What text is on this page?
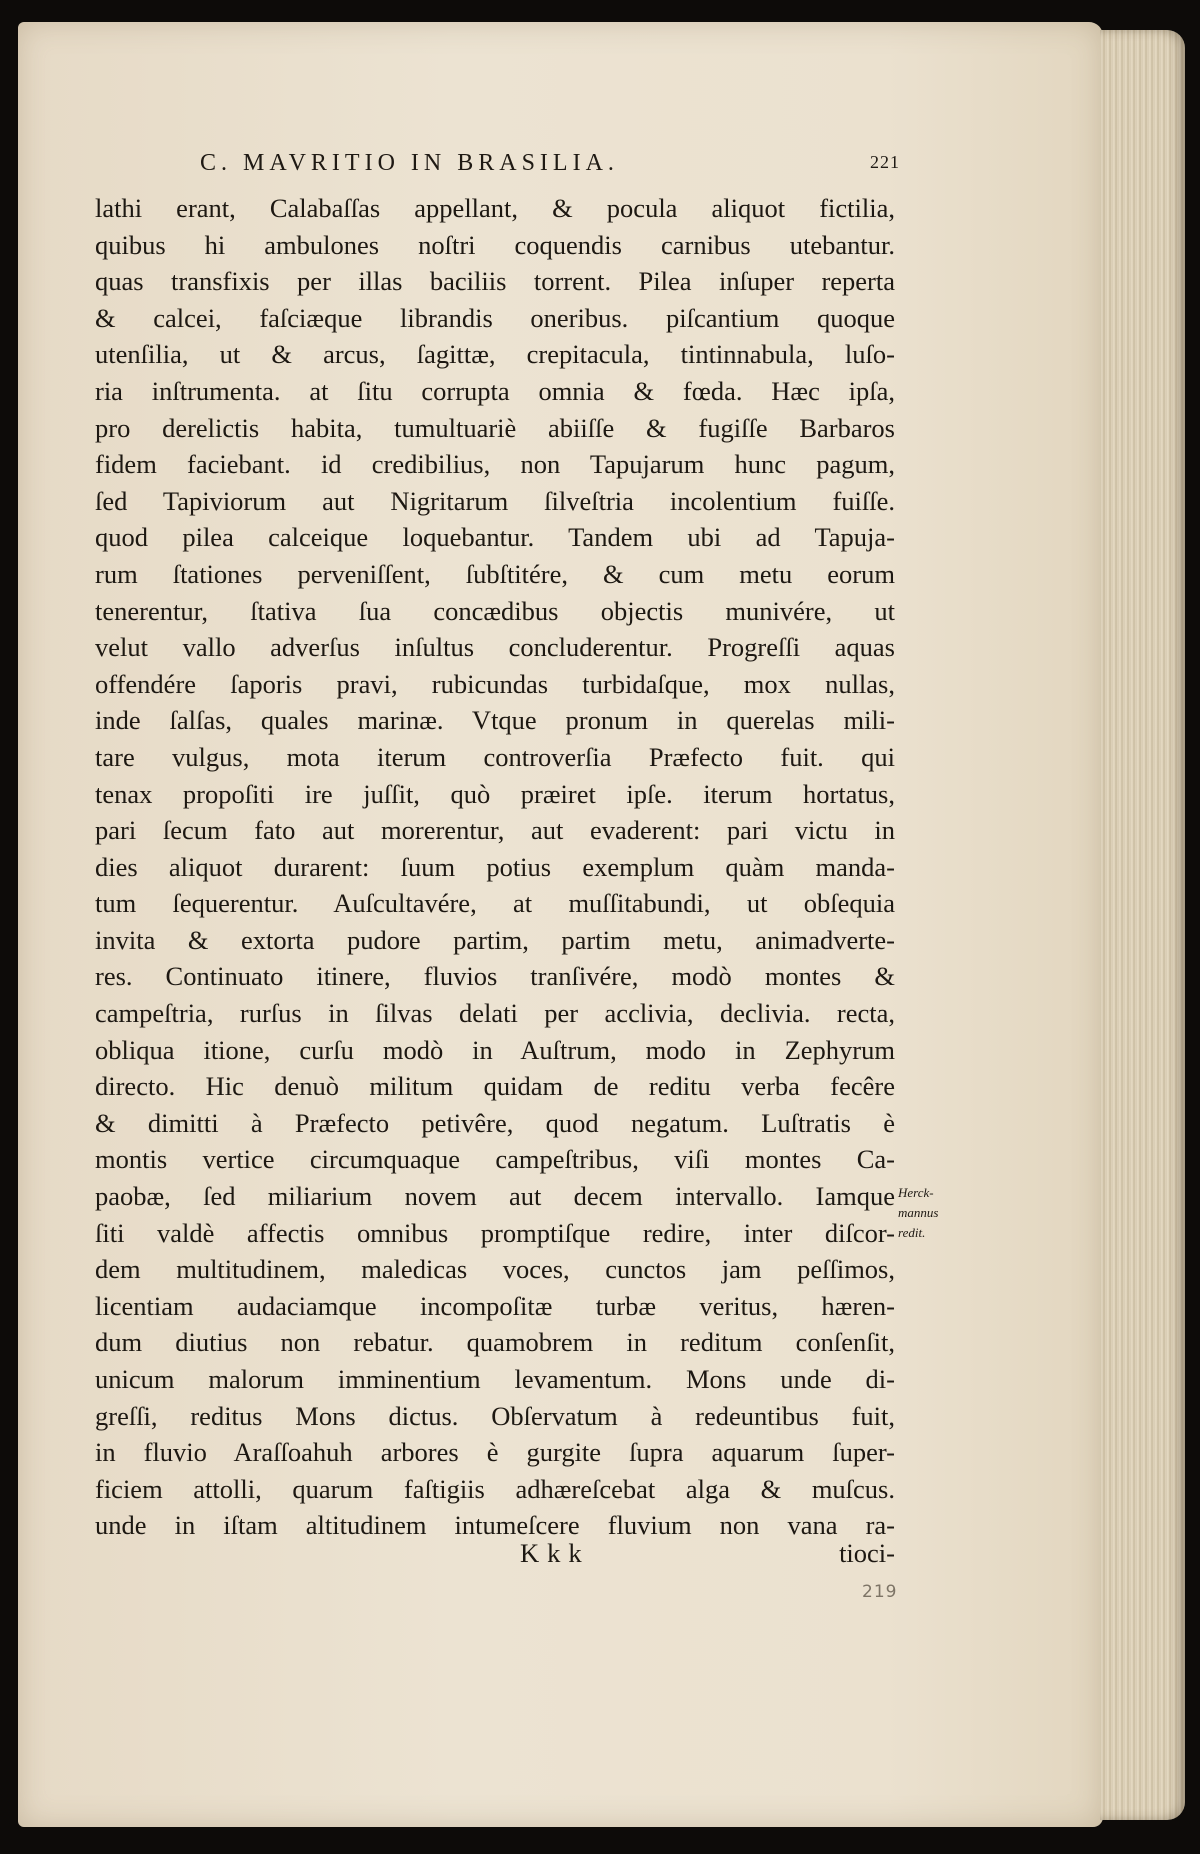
C. MAVRITIO IN BRASILIA.	221
lathi erant, Calabaſſas appellant, & pocula aliquot fictilia,
quibus hi ambulones noſtri coquendis carnibus utebantur.
quas transfixis per illas baciliis torrent. Pilea inſuper reperta
& calcei, faſciæque librandis oneribus. piſcantium quoque
utenſilia, ut & arcus, ſagittæ, crepitacula, tintinnabula, luſo-
ria inſtrumenta. at ſitu corrupta omnia & fœda. Hæc ipſa,
pro derelictis habita, tumultuariè abiiſſe & fugiſſe Barbaros
fidem faciebant. id credibilius, non Tapujarum hunc pagum,
ſed Tapiviorum aut Nigritarum ſilveſtria incolentium fuiſſe.
quod pilea calceique loquebantur. Tandem ubi ad Tapuja-
rum ſtationes perveniſſent, ſubſtitére, & cum metu eorum
tenerentur, ſtativa ſua concædibus objectis munivére, ut
velut vallo adverſus inſultus concluderentur. Progreſſi aquas
offendére ſaporis pravi, rubicundas turbidaſque, mox nullas,
inde ſalſas, quales marinæ. Vtque pronum in querelas mili-
tare vulgus, mota iterum controverſia Præfecto fuit. qui
tenax propoſiti ire juſſit, quò præiret ipſe. iterum hortatus,
pari ſecum fato aut morerentur, aut evaderent: pari victu in
dies aliquot durarent: ſuum potius exemplum quàm manda-
tum ſequerentur. Auſcultavére, at muſſitabundi, ut obſequia
invita & extorta pudore partim, partim metu, animadverte-
res. Continuato itinere, fluvios tranſivére, modò montes &
campeſtria, rurſus in ſilvas delati per acclivia, declivia. recta,
obliqua itione, curſu modò in Auſtrum, modo in Zephyrum
directo. Hic denuò militum quidam de reditu verba fecêre
& dimitti à Præfecto petivêre, quod negatum. Luſtratis è
montis vertice circumquaque campeſtribus, viſi montes Ca-
paobæ, ſed miliarium novem aut decem intervallo. Iamque
ſiti valdè affectis omnibus promptiſque redire, inter diſcor-
dem multitudinem, maledicas voces, cunctos jam peſſimos,
licentiam audaciamque incompoſitæ turbæ veritus, hæren-
dum diutius non rebatur. quamobrem in reditum conſenſit,
unicum malorum imminentium levamentum. Mons unde di-
greſſi, reditus Mons dictus. Obſervatum à redeuntibus fuit,
in fluvio Araſſoahuh arbores è gurgite ſupra aquarum ſuper-
ficiem attolli, quarum faſtigiis adhæreſcebat alga & muſcus.
unde in iſtam altitudinem intumeſcere fluvium non vana ra-
Herck-
mannus
redit.
Kkk	tioci-
219
